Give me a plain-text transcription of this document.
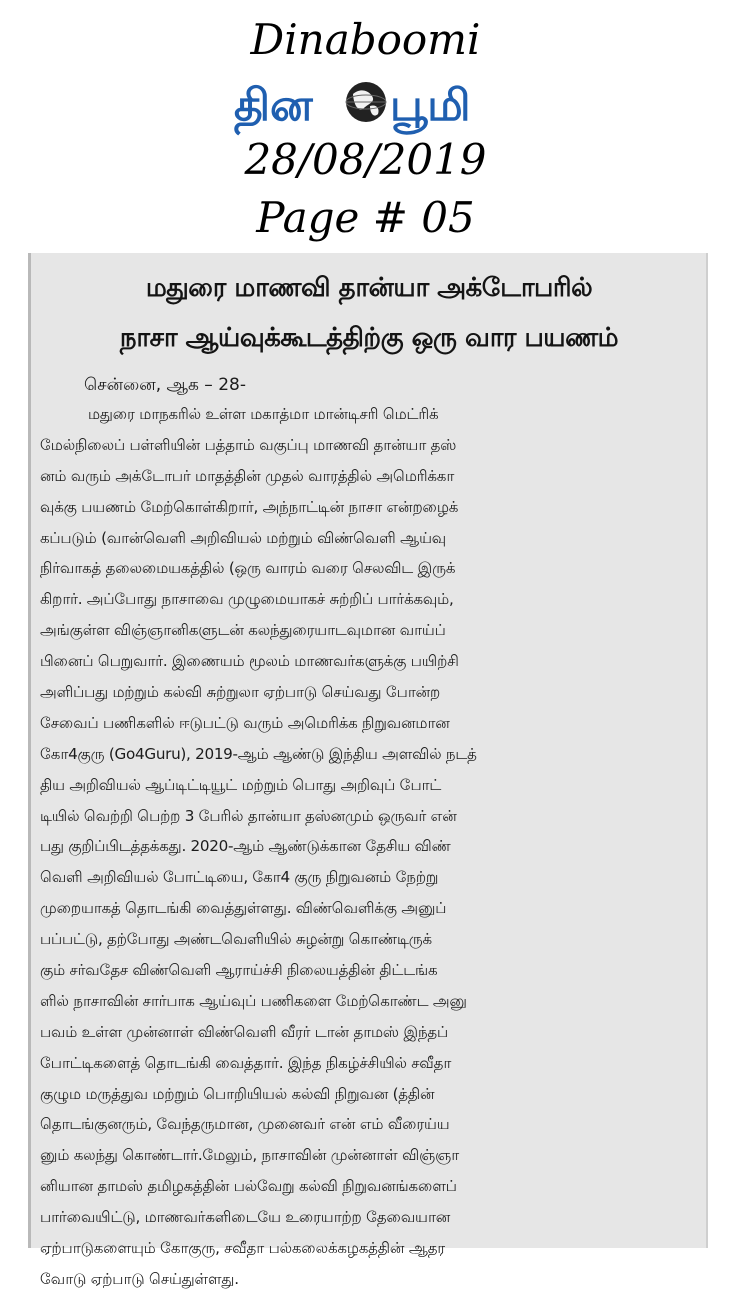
Dinaboomi
தின பூமி
28/08/2019
Page # 05
மதுரை மாணவி தான்யா அக்டோபரில்
நாசா ஆய்வுக்கூடத்திற்கு ஒரு வார பயணம்
சென்னை, ஆக – 28-
மதுரை மாநகரில் உள்ள மகாத்மா மான்டிசரி மெட்ரிக்
மேல்நிலைப் பள்ளியின் பத்தாம் வகுப்பு மாணவி தான்யா தஸ்
னம் வரும் அக்டோபர் மாதத்தின் முதல் வாரத்தில் அமெரிக்கா
வுக்கு பயணம் மேற்கொள்கிறார், அந்நாட்டின் நாசா என்றழைக்
கப்படும் (வான்வெளி அறிவியல் மற்றும் விண்வெளி ஆய்வு
நிர்வாகத் தலைமையகத்தில் (ஒரு வாரம் வரை செலவிட இருக்
கிறார். அப்போது நாசாவை முழுமையாகச் சுற்றிப் பார்க்கவும்,
அங்குள்ள விஞ்ஞானிகளுடன் கலந்துரையாடவுமான வாய்ப்
பினைப் பெறுவார். இணையம் மூலம் மாணவர்களுக்கு பயிற்சி
அளிப்பது மற்றும் கல்வி சுற்றுலா ஏற்பாடு செய்வது போன்ற
சேவைப் பணிகளில் ஈடுபட்டு வரும் அமெரிக்க நிறுவனமான
கோ4குரு (Go4Guru), 2019-ஆம் ஆண்டு இந்திய அளவில் நடத்
திய அறிவியல் ஆப்டிட்டியூட் மற்றும் பொது அறிவுப் போட்
டியில் வெற்றி பெற்ற 3 பேரில் தான்யா தஸ்னமும் ஒருவர் என்
பது குறிப்பிடத்தக்கது. 2020-ஆம் ஆண்டுக்கான தேசிய விண்
வெளி அறிவியல் போட்டியை, கோ4 குரு நிறுவனம் நேற்று
முறையாகத் தொடங்கி வைத்துள்ளது. விண்வெளிக்கு அனுப்
பப்பட்டு, தற்போது அண்டவெளியில் சுழன்று கொண்டிருக்
கும் சர்வதேச விண்வெளி ஆராய்ச்சி நிலையத்தின் திட்டங்க
ளில் நாசாவின் சார்பாக ஆய்வுப் பணிகளை மேற்கொண்ட அனு
பவம் உள்ள முன்னாள் விண்வெளி வீரர் டான் தாமஸ் இந்தப்
போட்டிகளைத் தொடங்கி வைத்தார். இந்த நிகழ்ச்சியில் சவீதா
குழும மருத்துவ மற்றும் பொறியியல் கல்வி நிறுவன (த்தின்
தொடங்குனரும், வேந்தருமான, முனைவர் என் எம் வீரைய்ய
னும் கலந்து கொண்டார்.மேலும், நாசாவின் முன்னாள் விஞ்ஞா
னியான தாமஸ் தமிழகத்தின் பல்வேறு கல்வி நிறுவனங்களைப்
பார்வையிட்டு, மாணவர்களிடையே உரையாற்ற தேவையான
ஏற்பாடுகளையும் கோகுரு, சவீதா பல்கலைக்கழகத்தின் ஆதர
வோடு ஏற்பாடு செய்துள்ளது.
